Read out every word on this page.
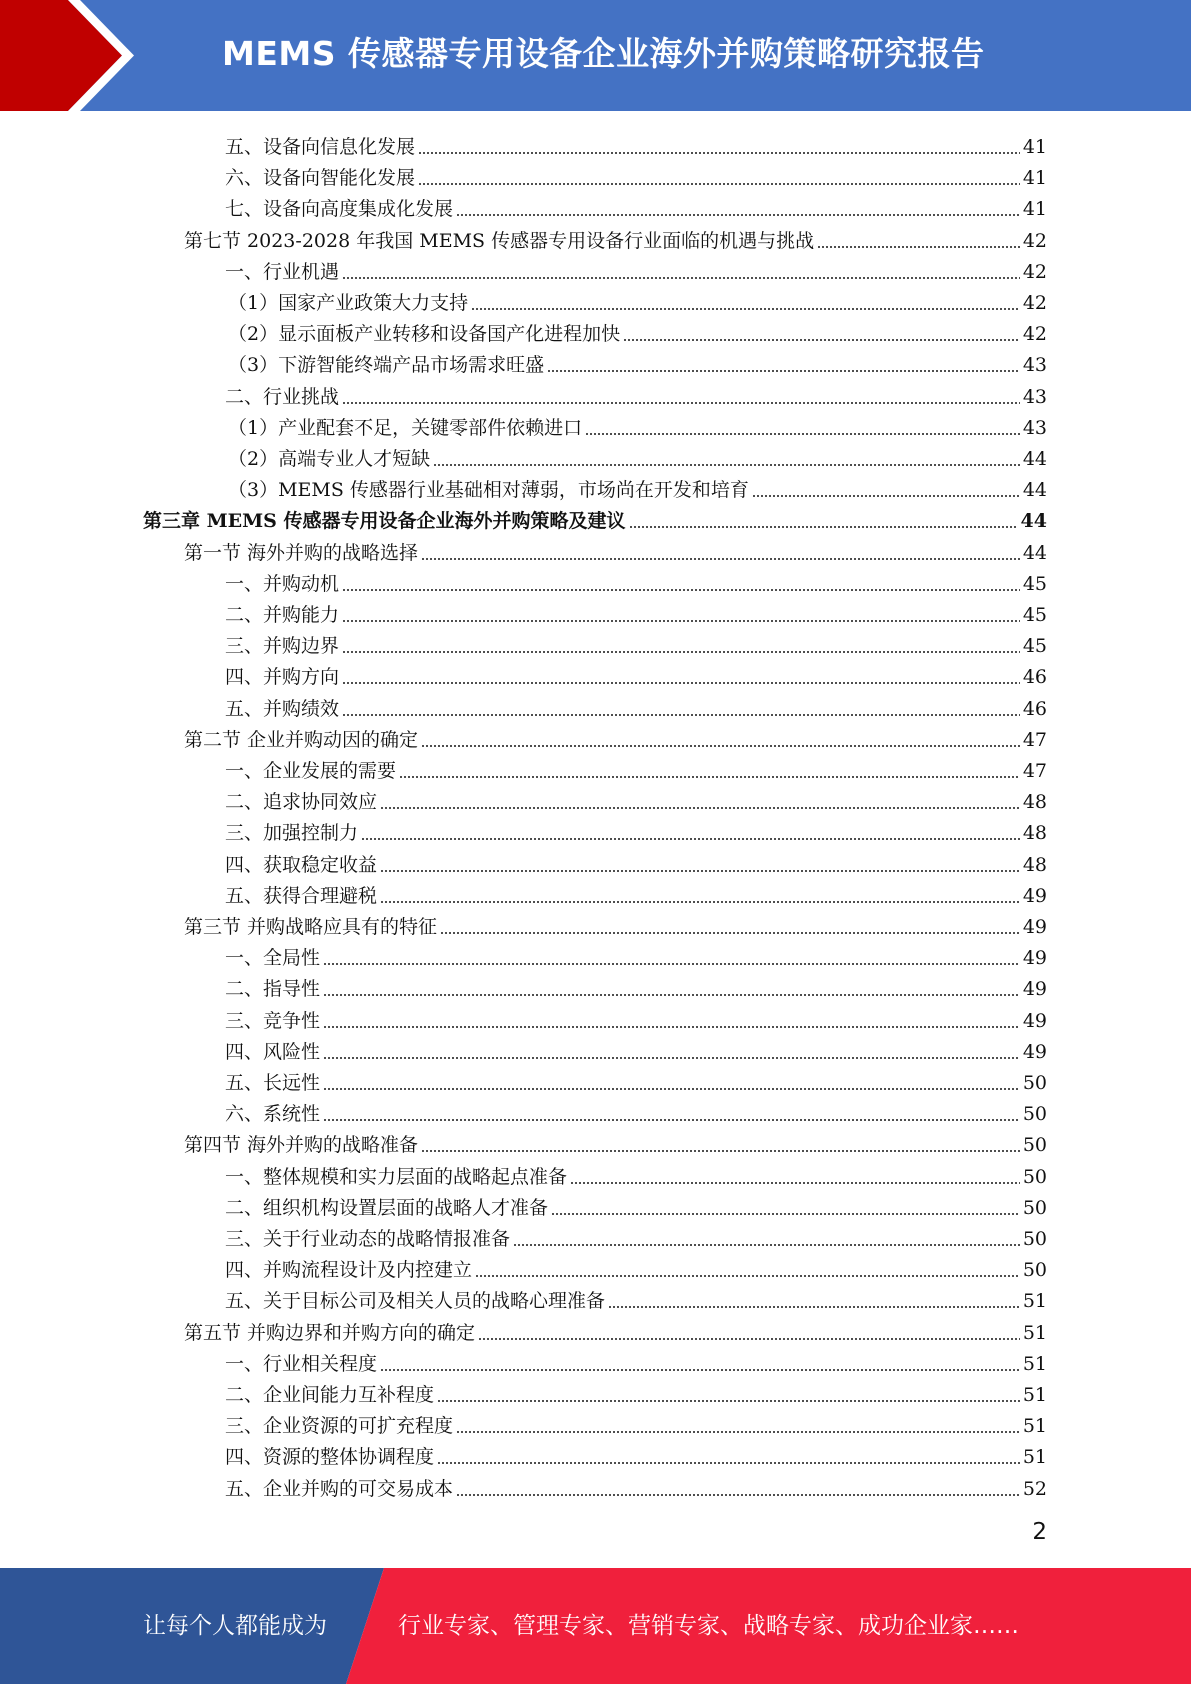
MEMS 传感器专用设备企业海外并购策略研究报告
五、设备向信息化发展	41
六、设备向智能化发展	41
七、设备向高度集成化发展	41
第七节 2023-2028 年我国 MEMS 传感器专用设备行业面临的机遇与挑战	42
一、行业机遇	42
（1）国家产业政策大力支持	42
（2）显示面板产业转移和设备国产化进程加快	42
（3）下游智能终端产品市场需求旺盛	43
二、行业挑战	43
（1）产业配套不足，关键零部件依赖进口	43
（2）高端专业人才短缺	44
（3）MEMS 传感器行业基础相对薄弱，市场尚在开发和培育	44
第三章 MEMS 传感器专用设备企业海外并购策略及建议	44
第一节 海外并购的战略选择	44
一、并购动机	45
二、并购能力	45
三、并购边界	45
四、并购方向	46
五、并购绩效	46
第二节 企业并购动因的确定	47
一、企业发展的需要	47
二、追求协同效应	48
三、加强控制力	48
四、获取稳定收益	48
五、获得合理避税	49
第三节 并购战略应具有的特征	49
一、全局性	49
二、指导性	49
三、竞争性	49
四、风险性	49
五、长远性	50
六、系统性	50
第四节 海外并购的战略准备	50
一、整体规模和实力层面的战略起点准备	50
二、组织机构设置层面的战略人才准备	50
三、关于行业动态的战略情报准备	50
四、并购流程设计及内控建立	50
五、关于目标公司及相关人员的战略心理准备	51
第五节 并购边界和并购方向的确定	51
一、行业相关程度	51
二、企业间能力互补程度	51
三、企业资源的可扩充程度	51
四、资源的整体协调程度	51
五、企业并购的可交易成本	52
2
让每个人都能成为	行业专家、管理专家、营销专家、战略专家、成功企业家……
